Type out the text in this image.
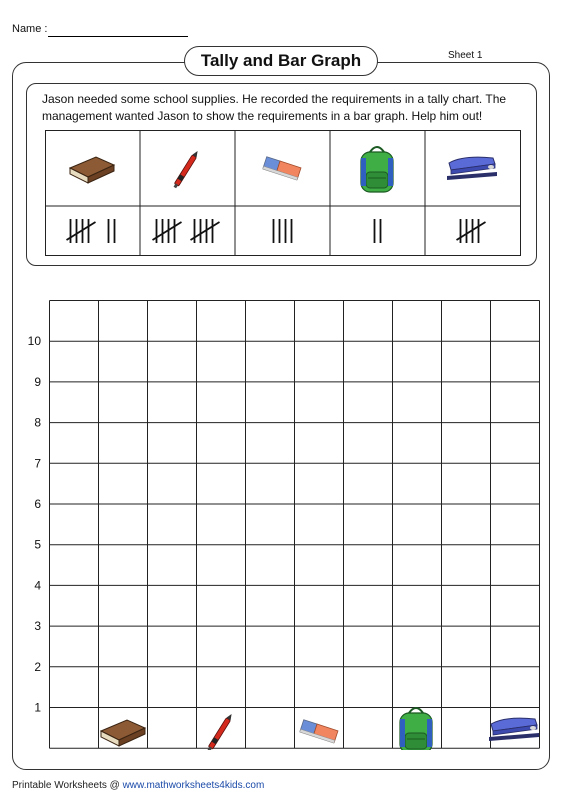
Name :
Sheet 1
Tally and Bar Graph

Jason needed some school supplies. He recorded the requirements in a tally chart. The management wanted Jason to show the requirements in a bar graph. Help him out!

1
2
3
4
5
6
7
8
9
10
Printable Worksheets @ www.mathworksheets4kids.com
